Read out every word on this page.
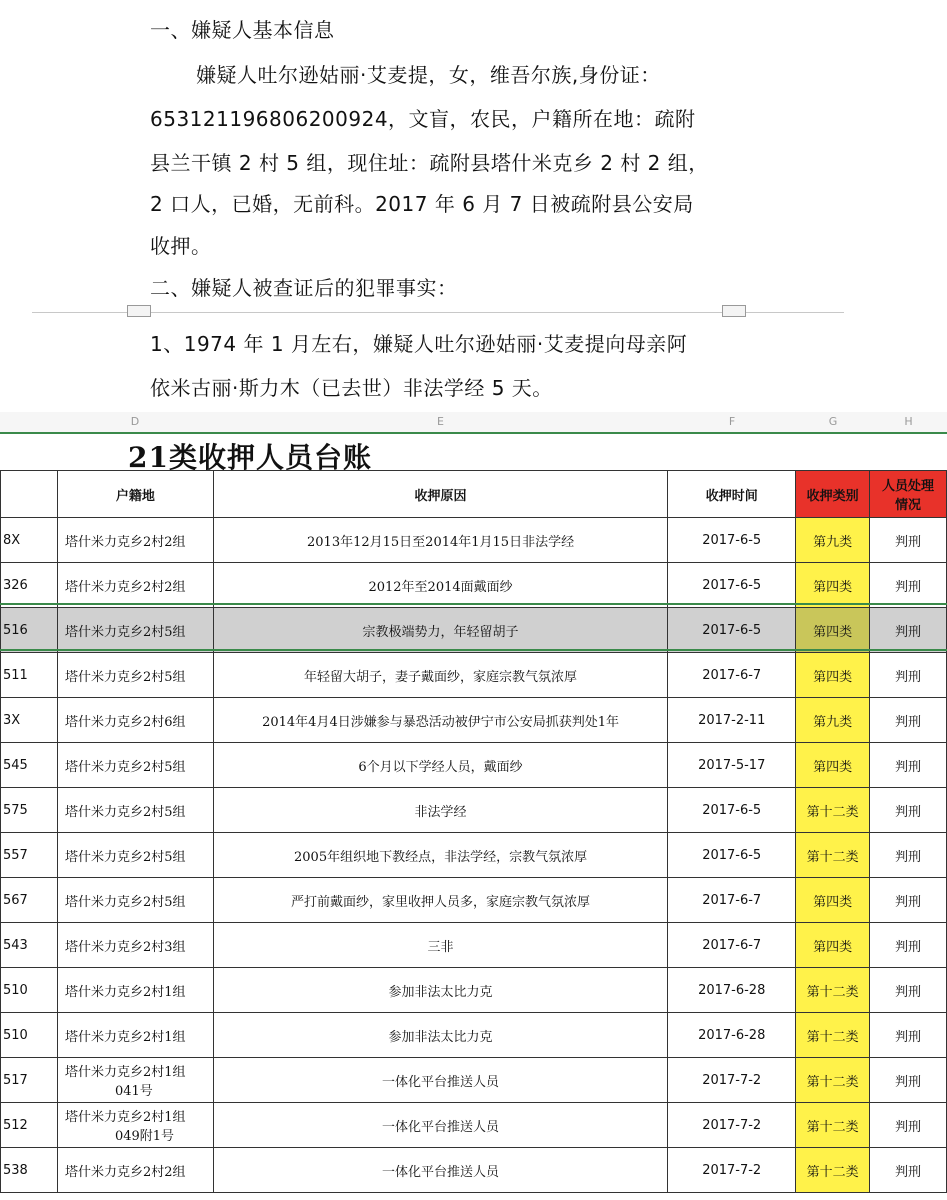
一、嫌疑人基本信息

嫌疑人吐尔逊姑丽·艾麦提，女，维吾尔族,身份证：

653121196806200924，文盲，农民，户籍所在地：疏附

县兰干镇 2 村 5 组，现住址：疏附县塔什米克乡 2 村 2 组，

2 口人，已婚，无前科。2017 年 6 月 7 日被疏附县公安局

收押。

二、嫌疑人被查证后的犯罪事实：

1、1974 年 1 月左右，嫌疑人吐尔逊姑丽·艾麦提向母亲阿

依米古丽·斯力木（已去世）非法学经 5 天。

D	E	F	G	H
21类收押人员台账
	户籍地	收押原因	收押时间	收押类别	人员处理
情况

8X	塔什米力克乡2村2组	2013年12月15日至2014年1月15日非法学经	2017-6-5	第九类	判刑
326	塔什米力克乡2村2组	2012年至2014面戴面纱	2017-6-5	第四类	判刑
516	塔什米力克乡2村5组	宗教极端势力，年轻留胡子	2017-6-5	第四类	判刑
511	塔什米力克乡2村5组	年轻留大胡子，妻子戴面纱，家庭宗教气氛浓厚	2017-6-7	第四类	判刑
3X	塔什米力克乡2村6组	2014年4月4日涉嫌参与暴恐活动被伊宁市公安局抓获判处1年	2017-2-11	第九类	判刑
545	塔什米力克乡2村5组	6个月以下学经人员，戴面纱	2017-5-17	第四类	判刑
575	塔什米力克乡2村5组	非法学经	2017-6-5	第十二类	判刑
557	塔什米力克乡2村5组	2005年组织地下教经点，非法学经，宗教气氛浓厚	2017-6-5	第十二类	判刑
567	塔什米力克乡2村5组	严打前戴面纱，家里收押人员多，家庭宗教气氛浓厚	2017-6-7	第四类	判刑
543	塔什米力克乡2村3组	三非	2017-6-7	第四类	判刑
510	塔什米力克乡2村1组	参加非法太比力克	2017-6-28	第十二类	判刑
510	塔什米力克乡2村1组	参加非法太比力克	2017-6-28	第十二类	判刑
517	塔什米力克乡2村1组
041号	一体化平台推送人员	2017-7-2	第十二类	判刑
512	塔什米力克乡2村1组
049附1号	一体化平台推送人员	2017-7-2	第十二类	判刑
538	塔什米力克乡2村2组	一体化平台推送人员	2017-7-2	第十二类	判刑
